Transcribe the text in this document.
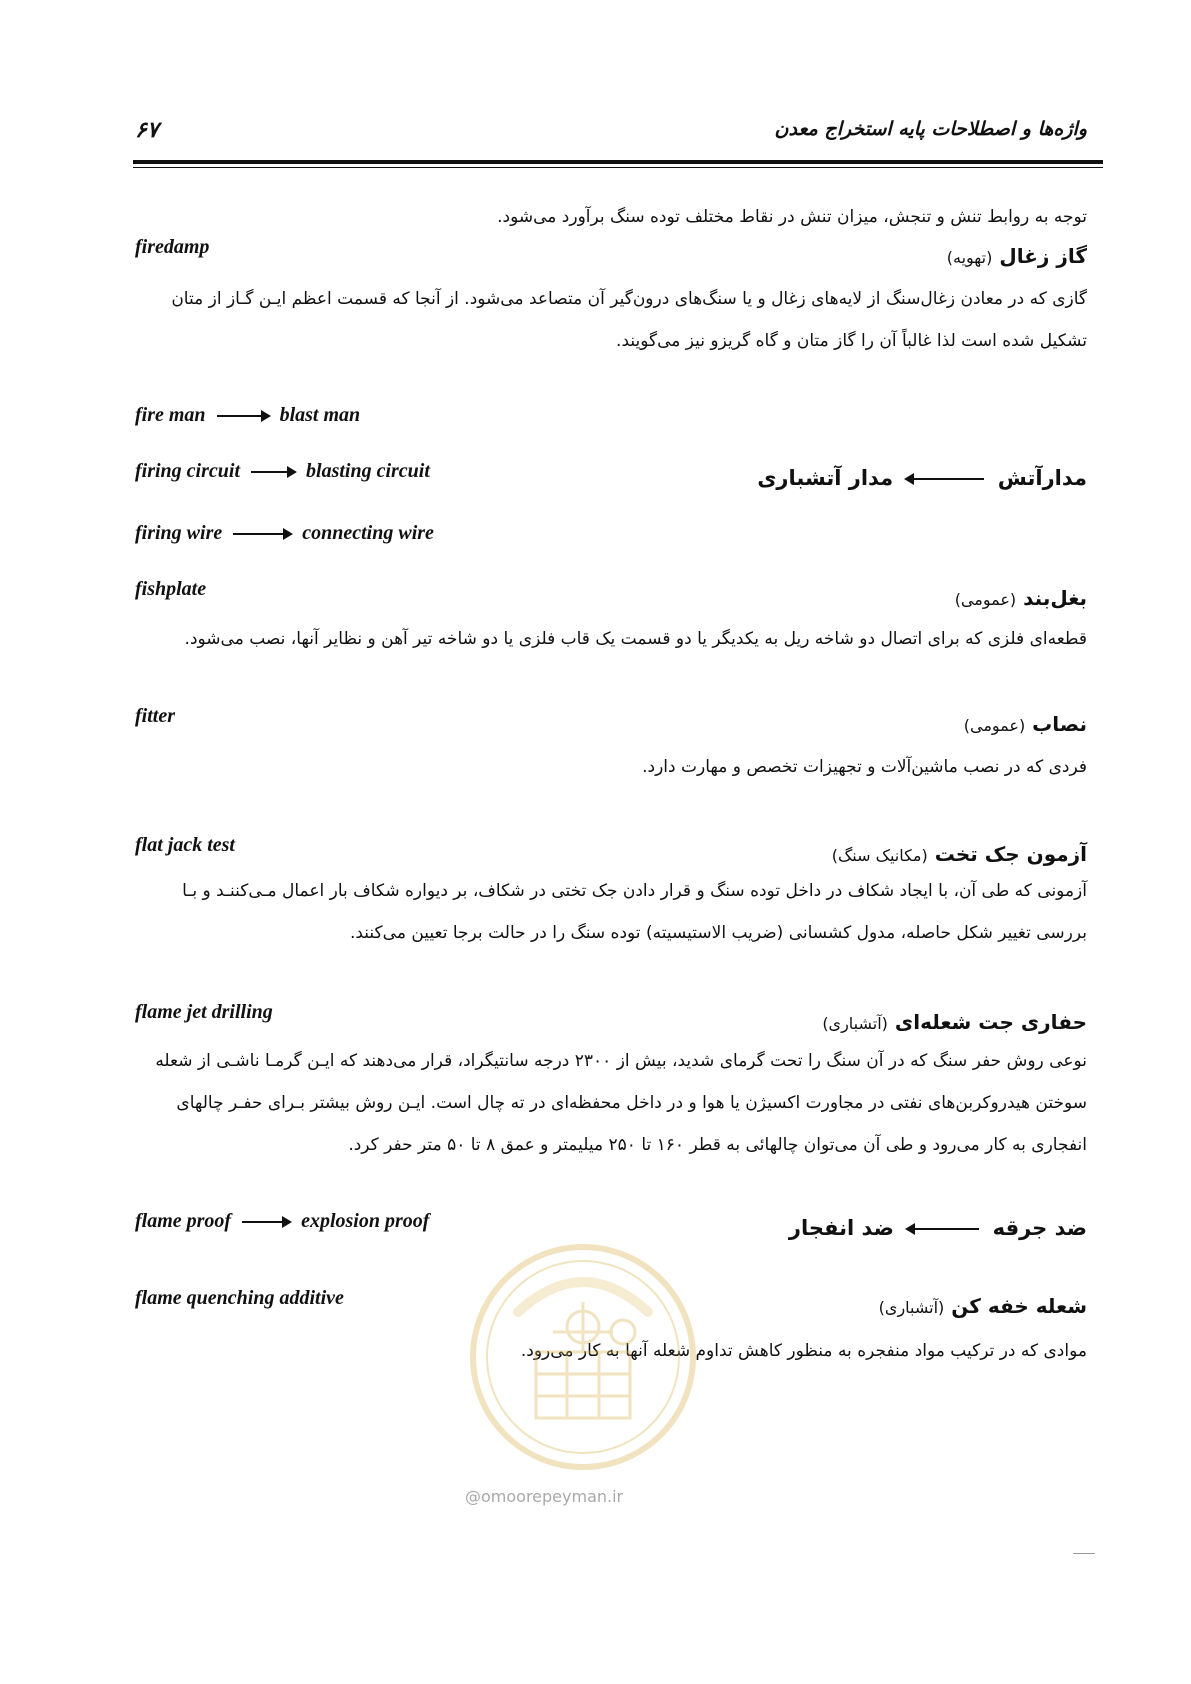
۶۷	واژه‌ها و اصطلاحات پایه استخراج معدن

توجه به روابط تنش و تنجش، میزان تنش در نقاط مختلف توده سنگ برآورد می‌شود.

firedamp	گاز زغال (تهویه)

گازی که در معادن زغال‌سنگ از لایه‌های زغال و یا سنگ‌های درون‌گیر آن متصاعد می‌شود. از آنجا که قسمت اعظم ایـن گـاز از متان تشکیل شده است لذا غالباً آن را گاز متان و گاه گریزو نیز می‌گویند.

fire man	blast man
firing circuit	blasting circuit	مدارآتش  مدار آتشباری
firing wire	connecting wire
fishplate	بغل‌بند (عمومی)

قطعه‌ای فلزی که برای اتصال دو شاخه ریل به یکدیگر یا دو قسمت یک قاب فلزی یا دو شاخه تیر آهن و نظایر آنها، نصب می‌شود.

fitter	نصاب (عمومی)

فردی که در نصب ماشین‌آلات و تجهیزات تخصص و مهارت دارد.

flat jack test	آزمون جک تخت (مکانیک سنگ)

آزمونی که طی آن، با ایجاد شکاف در داخل توده سنگ و قرار دادن جک تختی در شکاف، بر دیواره شکاف بار اعمال مـی‌کننـد و بـا بررسی تغییر شکل حاصله، مدول کشسانی (ضریب الاستیسیته) توده سنگ را در حالت برجا تعیین می‌کنند.

flame jet drilling	حفاری جت شعله‌ای (آتشباری)

نوعی روش حفر سنگ که در آن سنگ را تحت گرمای شدید، بیش از ۲۳۰۰ درجه سانتیگراد، قرار می‌دهند که ایـن گرمـا ناشـی از شعله سوختن هیدروکربن‌های نفتی در مجاورت اکسیژن یا هوا و در داخل محفظه‌ای در ته چال است. ایـن روش بیشتر بـرای حفـر چالهای انفجاری به کار می‌رود و طی آن می‌توان چالهائی به قطر ۱۶۰ تا ۲۵۰ میلیمتر و عمق ۸ تا ۵۰ متر حفر کرد.

flame proof	explosion proof	ضد جرقه  ضد انفجار
flame quenching additive	شعله خفه کن (آتشباری)

موادی که در ترکیب مواد منفجره به منظور کاهش تداوم شعله آنها به کار می‌رود.

@omoorepeyman.ir
